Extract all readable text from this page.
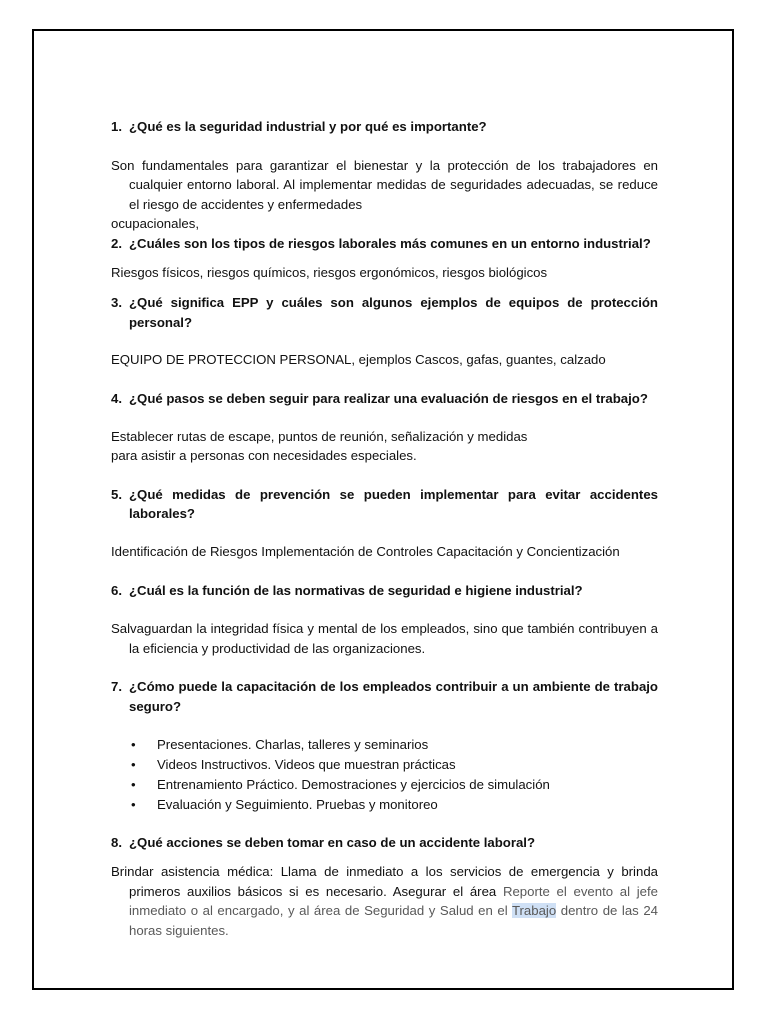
1. ¿Qué es la seguridad industrial y por qué es importante?
Son fundamentales para garantizar el bienestar y la protección de los trabajadores en cualquier entorno laboral. Al implementar medidas de seguridades adecuadas, se reduce el riesgo de accidentes y enfermedades
ocupacionales,
2. ¿Cuáles son los tipos de riesgos laborales más comunes en un entorno industrial?
Riesgos físicos, riesgos químicos, riesgos ergonómicos, riesgos biológicos
3. ¿Qué significa EPP y cuáles son algunos ejemplos de equipos de protección personal?
EQUIPO DE PROTECCION PERSONAL, ejemplos Cascos, gafas, guantes, calzado
4. ¿Qué pasos se deben seguir para realizar una evaluación de riesgos en el trabajo?
Establecer rutas de escape, puntos de reunión, señalización y medidas
para asistir a personas con necesidades especiales.
5. ¿Qué medidas de prevención se pueden implementar para evitar accidentes laborales?
Identificación de Riesgos Implementación de Controles Capacitación y Concientización
6. ¿Cuál es la función de las normativas de seguridad e higiene industrial?
Salvaguardan la integridad física y mental de los empleados, sino que también contribuyen a la eficiencia y productividad de las organizaciones.
7. ¿Cómo puede la capacitación de los empleados contribuir a un ambiente de trabajo seguro?
•	Presentaciones. Charlas, talleres y seminarios
•	Videos Instructivos. Videos que muestran prácticas
•	Entrenamiento Práctico. Demostraciones y ejercicios de simulación
•	Evaluación y Seguimiento. Pruebas y monitoreo
8. ¿Qué acciones se deben tomar en caso de un accidente laboral?
Brindar asistencia médica: Llama de inmediato a los servicios de emergencia y brinda primeros auxilios básicos si es necesario. Asegurar el área Reporte el evento al jefe inmediato o al encargado, y al área de Seguridad y Salud en el Trabajo dentro de las 24 horas siguientes.
